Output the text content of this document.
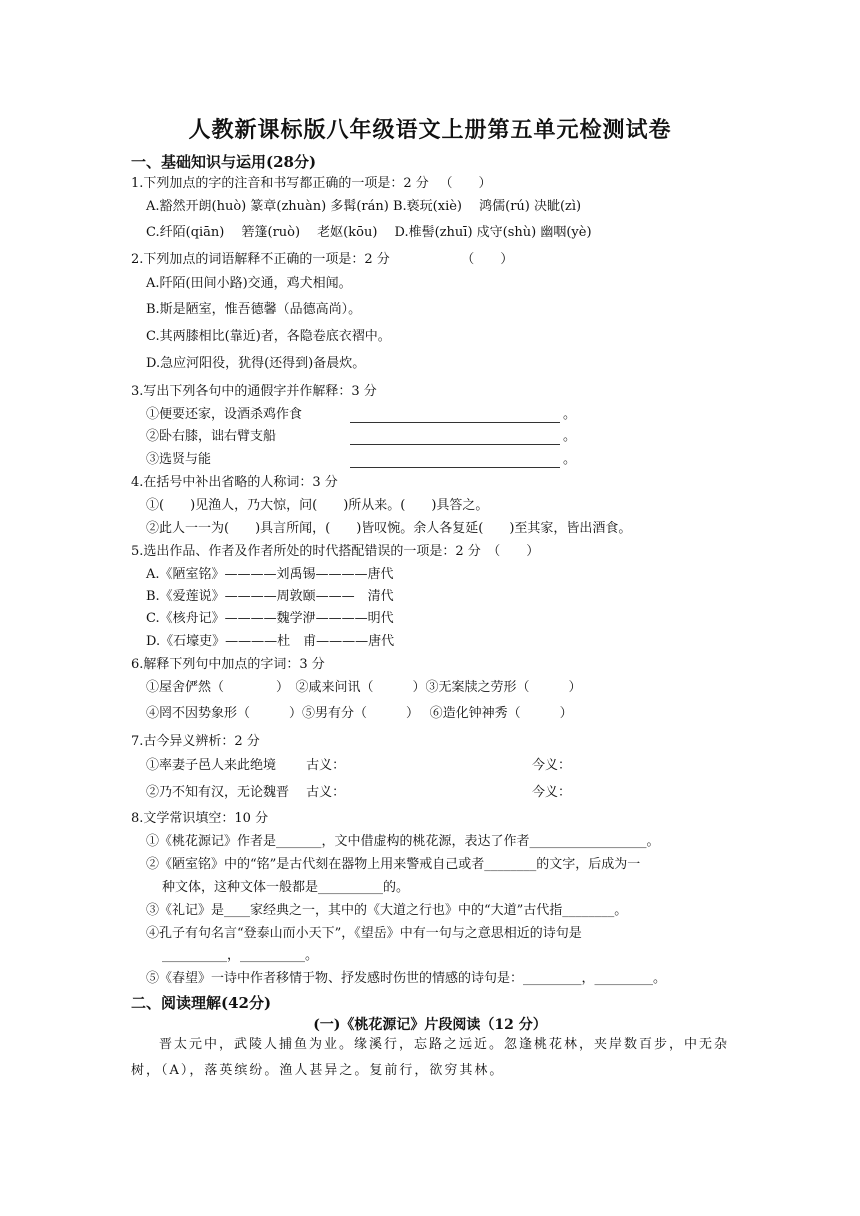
人教新课标版八年级语文上册第五单元检测试卷
一、基础知识与运用(28分)
1.下列加点的字的注音和书写都正确的一项是：2 分 　（　　）
A.豁然开朗(huò) 篆章(zhuàn) 多髯(rán) B.亵玩(xiè)　 鸿儒(rú) 决眦(zì)
C.纤陌(qiān)　 箬篷(ruò)　 老妪(kōu)　 D.椎髻(zhuī) 戍守(shù) 幽咽(yè)
2.下列加点的词语解释不正确的一项是：2 分　　　　　　（　　）
A.阡陌(田间小路)交通，鸡犬相闻。
B.斯是陋室，惟吾德馨（品德高尚）。
C.其两膝相比(靠近)者，各隐卷底衣褶中。
D.急应河阳役，犹得(还得到)备晨炊。
3.写出下列各句中的通假字并作解释：3 分
①便要还家，设酒杀鸡作食	。
②卧右膝，诎右臂支船	。
③选贤与能	。
4.在括号中补出省略的人称词：3 分
①(　　)见渔人，乃大惊，问(　　)所从来。(　　)具答之。
②此人一一为(　　)具言所闻，(　　)皆叹惋。余人各复延(　　)至其家，皆出酒食。
5.选出作品、作者及作者所处的时代搭配错误的一项是：2 分　（　　）
A.《陋室铭》————刘禹锡————唐代
B.《爱莲说》————周敦颐———　清代
C.《核舟记》————魏学洢————明代
D.《石壕吏》————杜　甫————唐代
6.解释下列句中加点的字词：3 分
①屋舍俨然（　　　　）　②咸来问讯（　　　）③无案牍之劳形（　　　）
④罔不因势象形（　　　）⑤男有分（　　　）　 ⑥造化钟神秀（　　　）
7.古今异义辨析：2 分
①率妻子邑人来此绝境　　 古义：	今义：
②乃不知有汉，无论魏晋　 古义：	今义：
8.文学常识填空：10 分
①《桃花源记》作者是_______，文中借虚构的桃花源，表达了作者__________________。
②《陋室铭》中的“铭”是古代刻在器物上用来警戒自己或者________的文字，后成为一
种文体，这种文体一般都是__________的。
③《礼记》是____家经典之一，其中的《大道之行也》中的“大道”古代指________。
④孔子有句名言“登泰山而小天下”，《望岳》中有一句与之意思相近的诗句是
__________，__________。
⑤《春望》一诗中作者移情于物、抒发感时伤世的情感的诗句是：_________，_________。
二、阅读理解(42分)
(一)《桃花源记》片段阅读（12 分）
晋太元中，武陵人捕鱼为业。缘溪行，忘路之远近。忽逢桃花林，夹岸数百步，中无杂树，（A），落英缤纷。渔人甚异之。复前行，欲穷其林。
